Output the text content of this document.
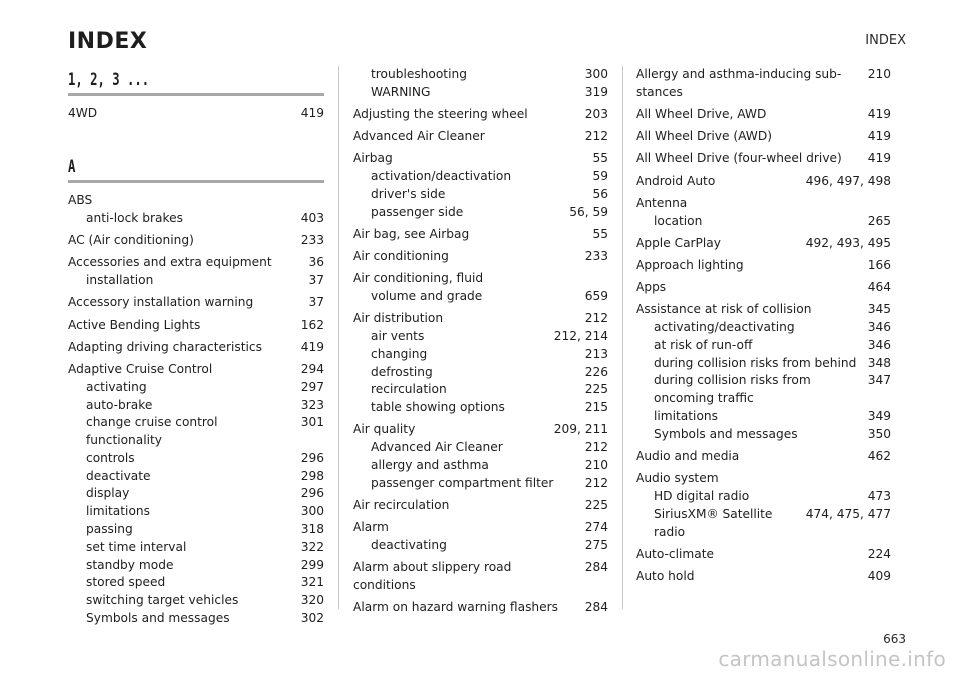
INDEX	INDEX
1, 2, 3 ...
4WD	419
A
ABS
anti-lock brakes	403
AC (Air conditioning)	233
Accessories and extra equipment	36
installation	37
Accessory installation warning	37
Active Bending Lights	162
Adapting driving characteristics	419
Adaptive Cruise Control	294
activating	297
auto-brake	323
change cruise control functionality
301
controls	296
deactivate	298
display	296
limitations	300
passing	318
set time interval	322
standby mode	299
stored speed	321
switching target vehicles	320
Symbols and messages	302
troubleshooting	300
WARNING	319
Adjusting the steering wheel	203
Advanced Air Cleaner	212
Airbag	55
activation/deactivation	59
driver's side	56
passenger side	56, 59
Air bag, see Airbag	55
Air conditioning	233
Air conditioning, fluid
volume and grade	659
Air distribution	212
air vents	212, 214
changing	213
defrosting	226
recirculation	225
table showing options	215
Air quality	209, 211
Advanced Air Cleaner	212
allergy and asthma	210
passenger compartment filter	212
Air recirculation	225
Alarm	274
deactivating	275
Alarm about slippery road conditions
284
Alarm on hazard warning flashers	284
Allergy and asthma-inducing sub-stances
210
All Wheel Drive, AWD	419
All Wheel Drive (AWD)	419
All Wheel Drive (four-wheel drive)	419
Android Auto	496, 497, 498
Antenna
location	265
Apple CarPlay	492, 493, 495
Approach lighting	166
Apps	464
Assistance at risk of collision	345
activating/deactivating	346
at risk of run-off	346
during collision risks from behind 348
during collision risks from oncoming traffic
347
limitations	349
Symbols and messages	350
Audio and media	462
Audio system
HD digital radio	473
SiriusXM® Satellite radio
474, 475, 477
Auto-climate	224
Auto hold	409
663
carmanualsonline.info
